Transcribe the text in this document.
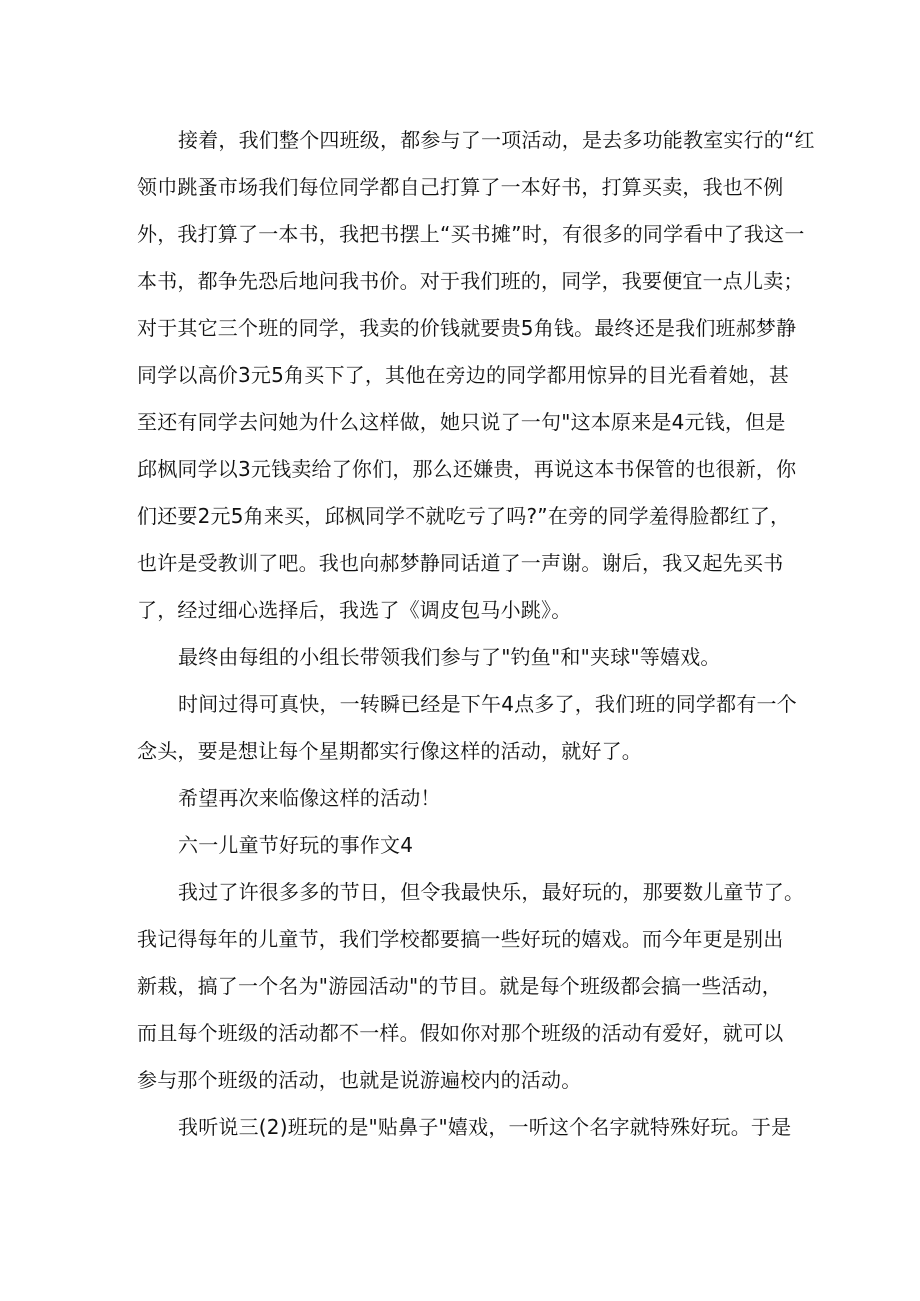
接着，我们整个四班级，都参与了一项活动，是去多功能教室实行的“红
领巾跳蚤市场我们每位同学都自己打算了一本好书，打算买卖，我也不例
外，我打算了一本书，我把书摆上“买书摊”时，有很多的同学看中了我这一
本书，都争先恐后地问我书价。对于我们班的，同学，我要便宜一点儿卖；
对于其它三个班的同学，我卖的价钱就要贵5角钱。最终还是我们班郝梦静
同学以高价3元5角买下了，其他在旁边的同学都用惊异的目光看着她，甚
至还有同学去问她为什么这样做，她只说了一句"这本原来是4元钱，但是
邱枫同学以3元钱卖给了你们，那么还嫌贵，再说这本书保管的也很新，你
们还要2元5角来买，邱枫同学不就吃亏了吗?”在旁的同学羞得脸都红了，
也许是受教训了吧。我也向郝梦静同话道了一声谢。谢后，我又起先买书
了，经过细心选择后，我选了《调皮包马小跳》。
最终由每组的小组长带领我们参与了"钓鱼"和"夹球"等嬉戏。
时间过得可真快，一转瞬已经是下午4点多了，我们班的同学都有一个
念头，要是想让每个星期都实行像这样的活动，就好了。
希望再次来临像这样的活动！
六一儿童节好玩的事作文4
我过了许很多多的节日，但令我最快乐，最好玩的，那要数儿童节了。
我记得每年的儿童节，我们学校都要搞一些好玩的嬉戏。而今年更是别出
新栽，搞了一个名为"游园活动"的节目。就是每个班级都会搞一些活动，
而且每个班级的活动都不一样。假如你对那个班级的活动有爱好，就可以
参与那个班级的活动，也就是说游遍校内的活动。
我听说三(2)班玩的是"贴鼻子"嬉戏，一听这个名字就特殊好玩。于是
